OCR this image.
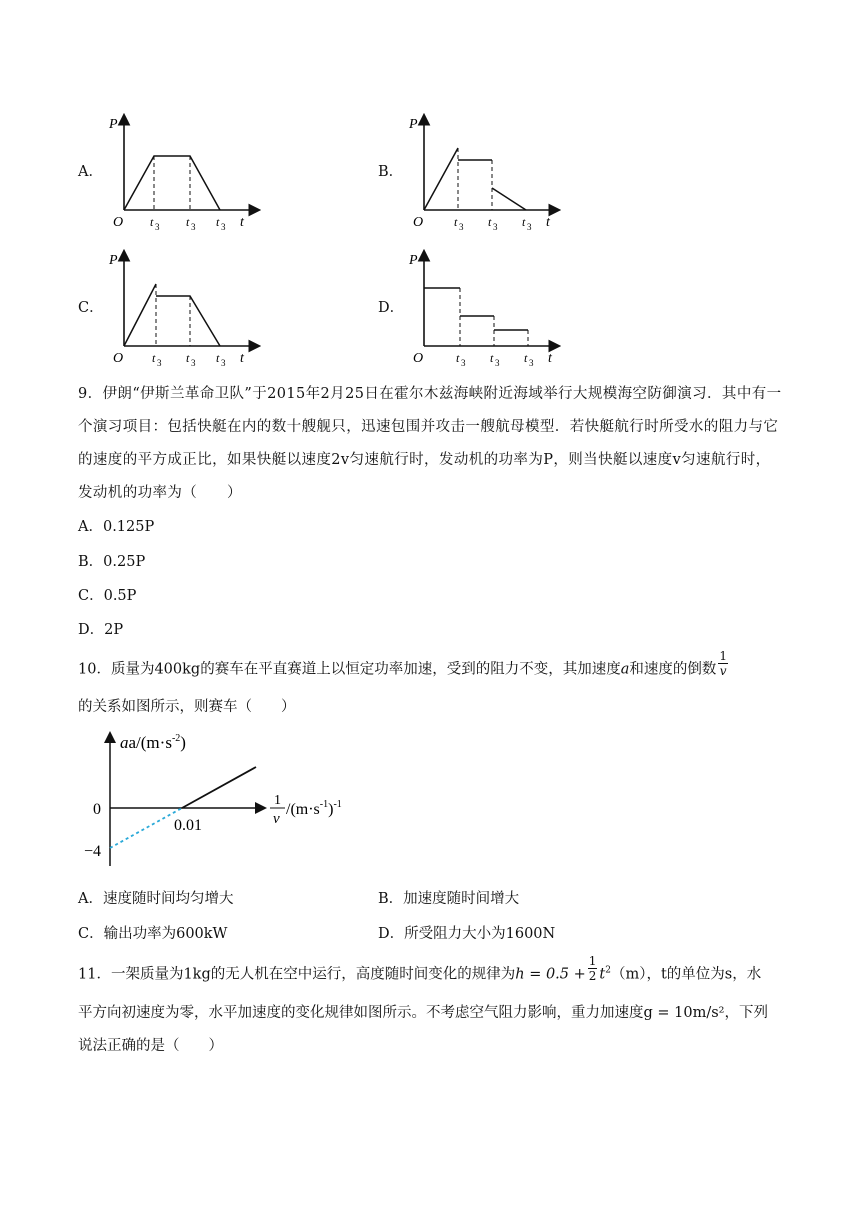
A．	B．
C．	D．
P
t
O t 3 t 3 t 3
P
t
O	t 3 t 3 t 3
P
t
O t 3 t 3 t 3
P
t
O	t 3 t 3 t 3
9．伊朗“伊斯兰革命卫队”于2015年2月25日在霍尔木兹海峡附近海域举行大规模海空防御演习．其中有一个演习项目：包括快艇在内的数十艘舰只，迅速包围并攻击一艘航母模型．若快艇航行时所受水的阻力与它的速度的平方成正比，如果快艇以速度2v匀速航行时，发动机的功率为P，则当快艇以速度v匀速航行时，发动机的功率为（　　）
A．0.125P
B．0.25P
C．0.5P
D．2P
10．质量为400kg的赛车在平直赛道上以恒定功率加速，受到的阻力不变，其加速度a和速度的倒数 $\frac{1}{v}$
的关系如图所示，则赛车（　　）
$aa/(m\cdot s^{-2})$
0
0.01
−4
1
v
$/(m\cdot s^{-1})^{-1}$
A．速度随时间均匀增大	B．加速度随时间增大
C．输出功率为600kW	D．所受阻力大小为1600N
11．一架质量为1kg的无人机在空中运行，高度随时间变化的规律为$h = 0.5 + \frac{1}{2} t^2(m)$，t的单位为s，水
平方向初速度为零，水平加速度的变化规律如图所示。不考虑空气阻力影响，重力加速度g = 10m/s²，下列
说法正确的是（　　）
